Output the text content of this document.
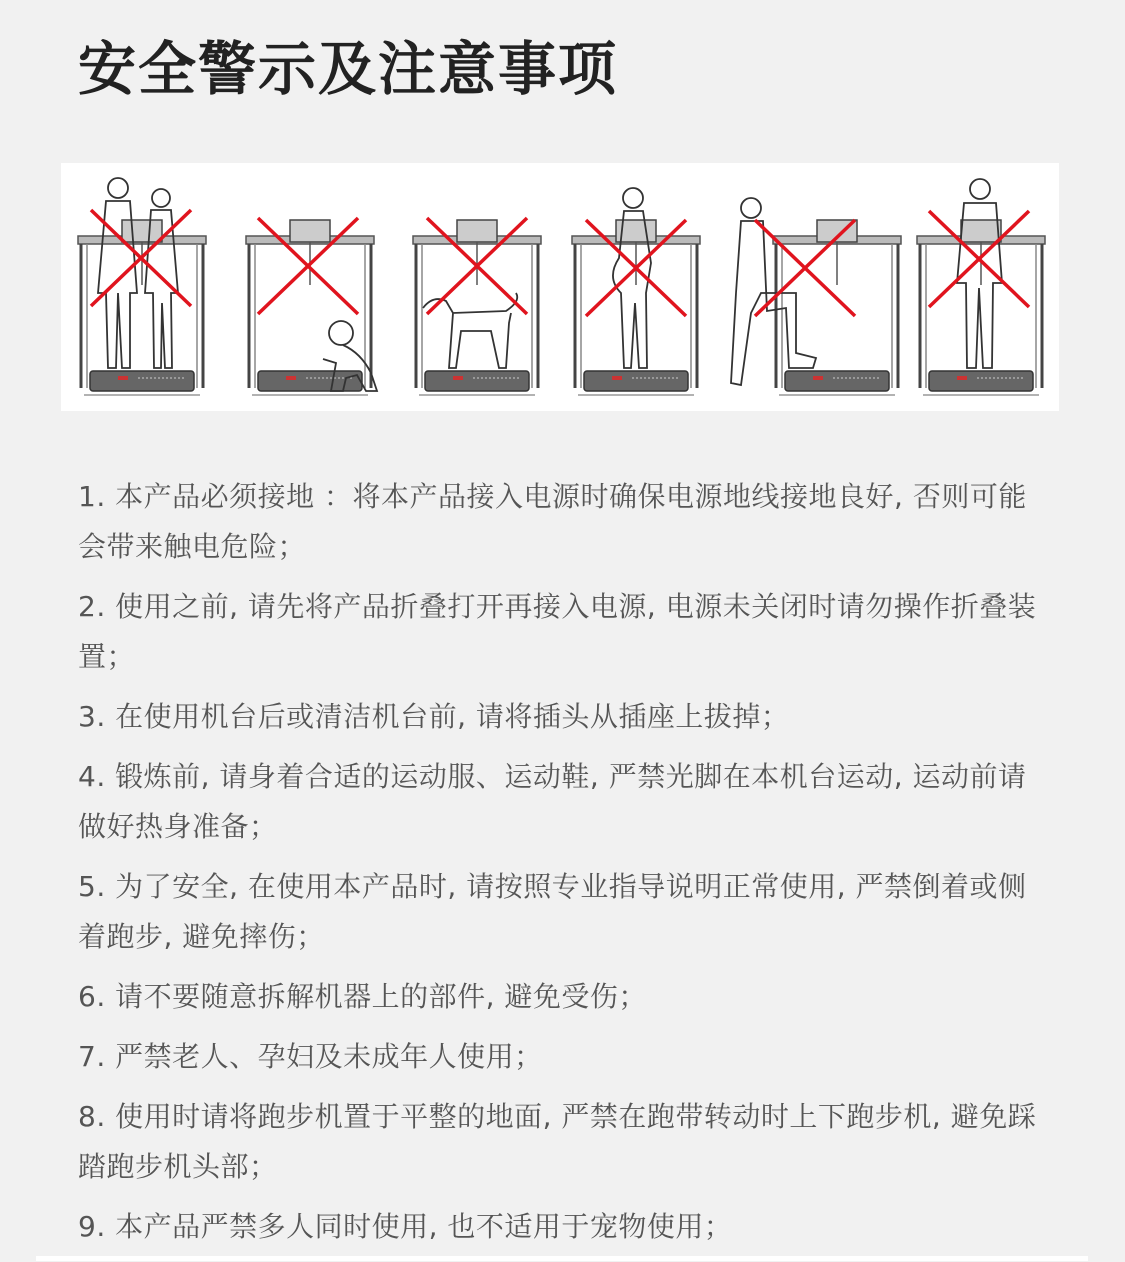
安全警示及注意事项
1. 本产品必须接地 ：将本产品接入电源时确保电源地线接地良好, 否则可能会带来触电危险；
2. 使用之前, 请先将产品折叠打开再接入电源, 电源未关闭时请勿操作折叠装置；
3. 在使用机台后或清洁机台前, 请将插头从插座上拔掉；
4. 锻炼前, 请身着合适的运动服、运动鞋, 严禁光脚在本机台运动, 运动前请做好热身准备；
5. 为了安全, 在使用本产品时, 请按照专业指导说明正常使用, 严禁倒着或侧着跑步, 避免摔伤；
6. 请不要随意拆解机器上的部件, 避免受伤；
7. 严禁老人、孕妇及未成年人使用；
8. 使用时请将跑步机置于平整的地面, 严禁在跑带转动时上下跑步机, 避免踩踏跑步机头部；
9. 本产品严禁多人同时使用, 也不适用于宠物使用；
